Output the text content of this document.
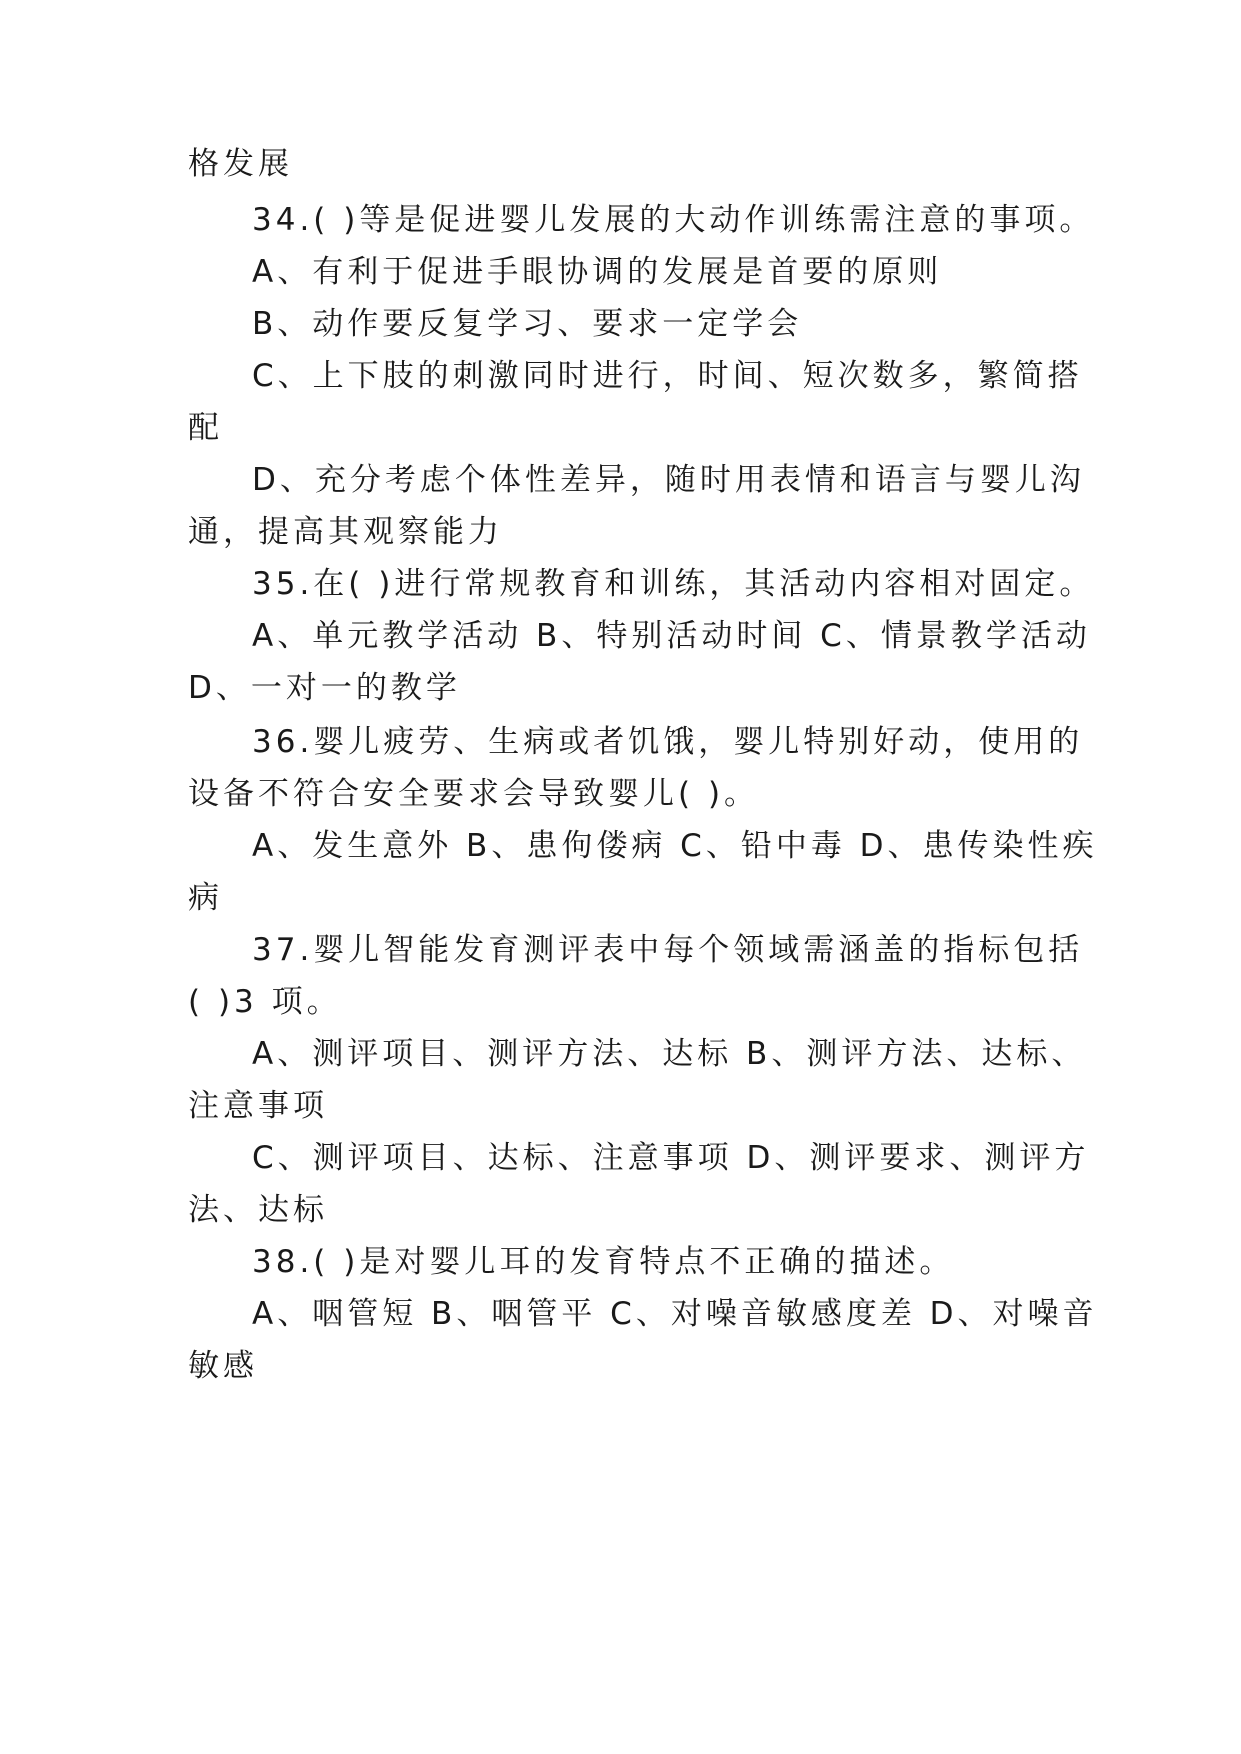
格发展
34.( )等是促进婴儿发展的大动作训练需注意的事项。
A、有利于促进手眼协调的发展是首要的原则
B、动作要反复学习、要求一定学会
C、上下肢的刺激同时进行，时间、短次数多，繁简搭
配
D、充分考虑个体性差异，随时用表情和语言与婴儿沟
通，提高其观察能力
35.在( )进行常规教育和训练，其活动内容相对固定。
A、单元教学活动 B、特别活动时间 C、情景教学活动
D、一对一的教学
36.婴儿疲劳、生病或者饥饿，婴儿特别好动，使用的
设备不符合安全要求会导致婴儿( )。
A、发生意外 B、患佝偻病 C、铅中毒 D、患传染性疾
病
37.婴儿智能发育测评表中每个领域需涵盖的指标包括
( )3 项。
A、测评项目、测评方法、达标 B、测评方法、达标、
注意事项
C、测评项目、达标、注意事项 D、测评要求、测评方
法、达标
38.( )是对婴儿耳的发育特点不正确的描述。
A、咽管短 B、咽管平 C、对噪音敏感度差 D、对噪音
敏感
